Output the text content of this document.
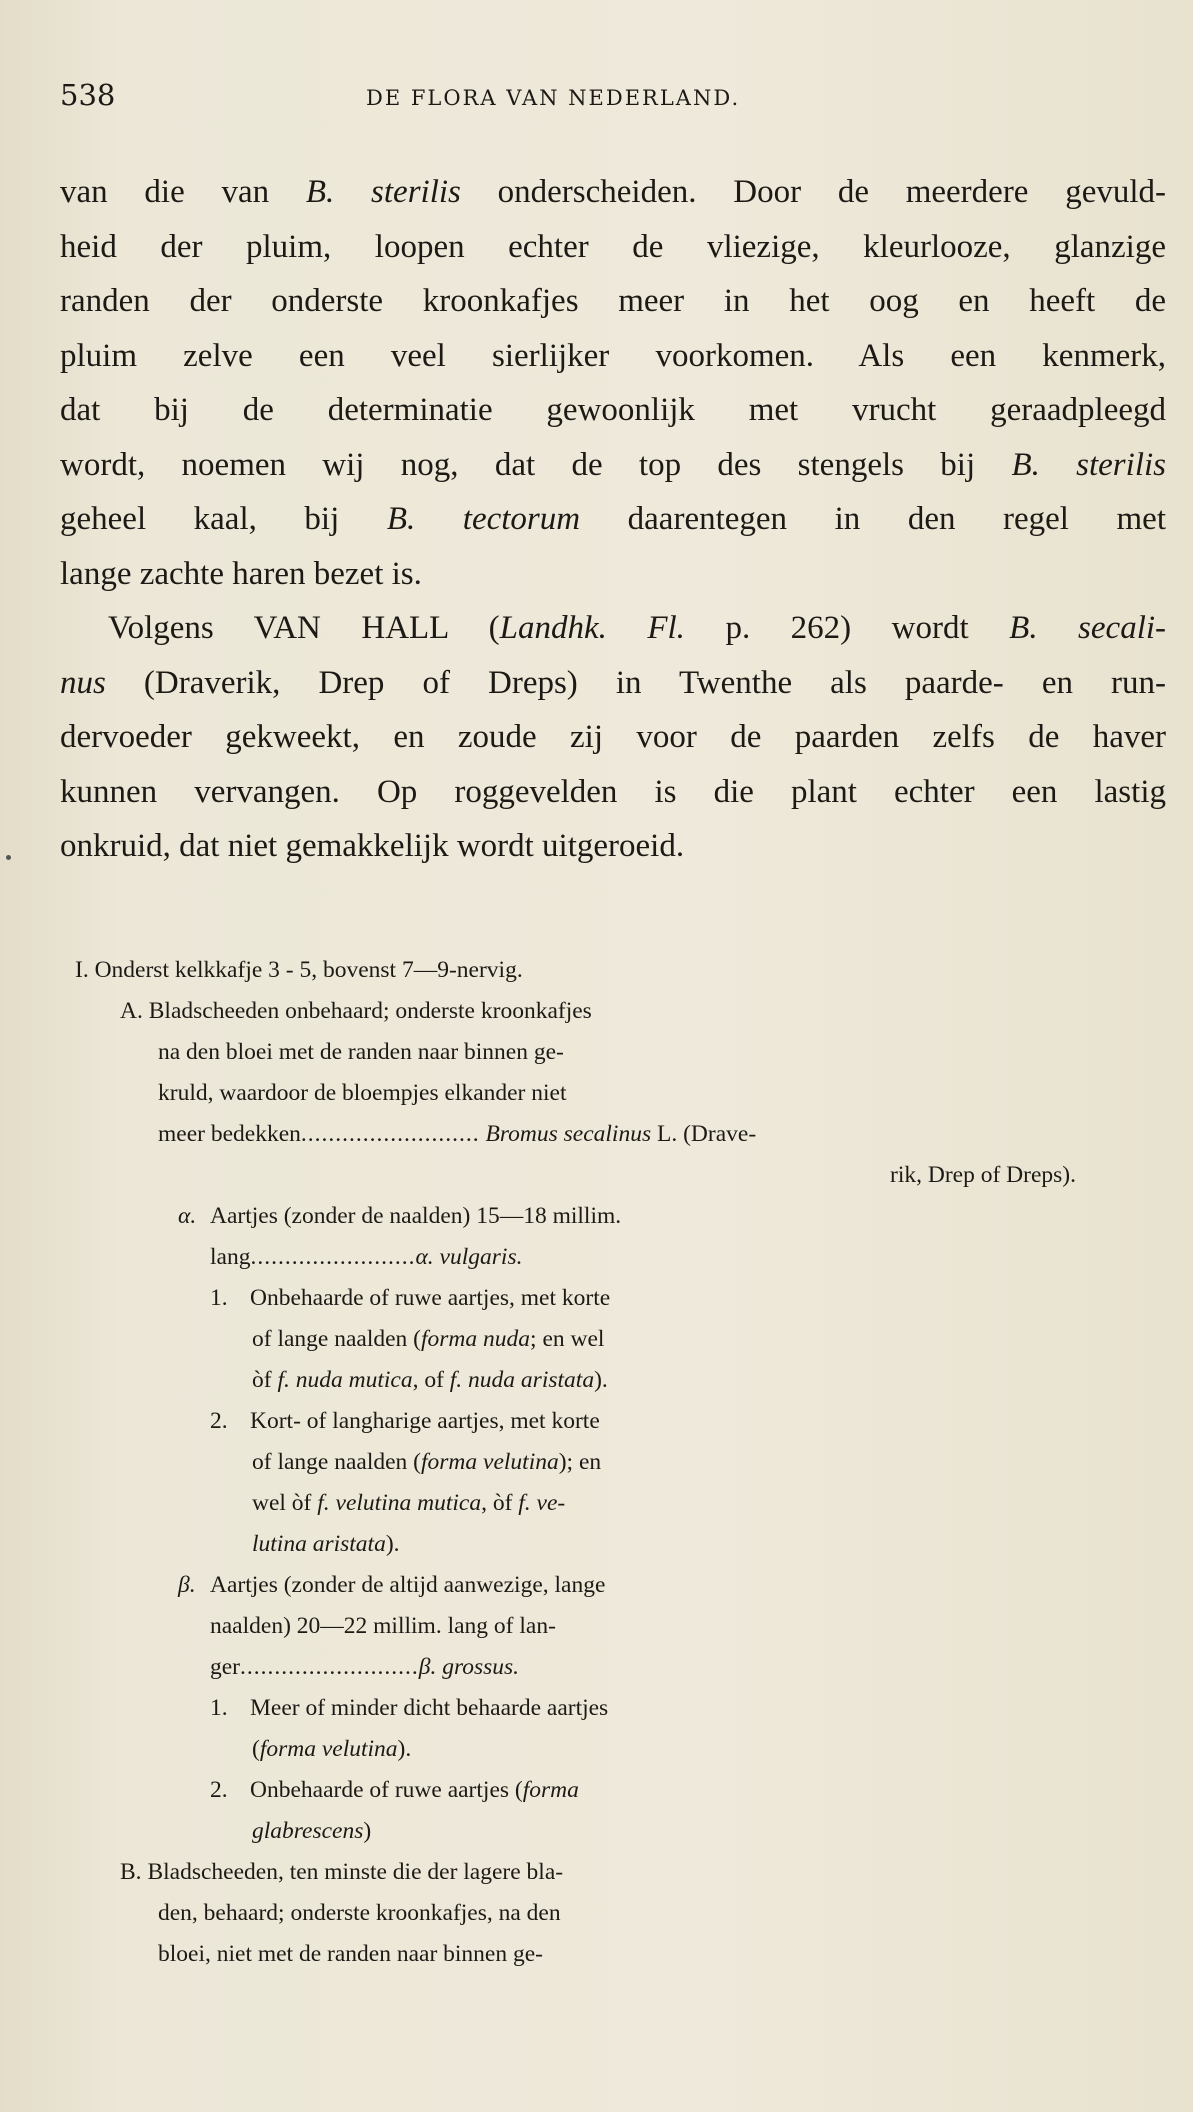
538	DE FLORA VAN NEDERLAND.
van die van B. sterilis onderscheiden. Door de meerdere gevuld-
heid der pluim, loopen echter de vliezige, kleurlooze, glanzige
randen der onderste kroonkafjes meer in het oog en heeft de
pluim zelve een veel sierlijker voorkomen. Als een kenmerk,
dat bij de determinatie gewoonlijk met vrucht geraadpleegd
wordt, noemen wij nog, dat de top des stengels bij B. sterilis
geheel kaal, bij B. tectorum daarentegen in den regel met
lange zachte haren bezet is.
Volgens VAN HALL (Landhk. Fl. p. 262) wordt B. secali-
nus (Draverik, Drep of Dreps) in Twenthe als paarde- en run-
dervoeder gekweekt, en zoude zij voor de paarden zelfs de haver
kunnen vervangen. Op roggevelden is die plant echter een lastig
onkruid, dat niet gemakkelijk wordt uitgeroeid.
I. Onderst kelkkafje 3 - 5, bovenst 7—9-nervig.
A. Bladscheeden onbehaard; onderste kroonkafjes
na den bloei met de randen naar binnen ge-
kruld, waardoor de bloempjes elkander niet
meer bedekken.......................... Bromus secalinus L. (Drave-
rik, Drep of Dreps).
α. Aartjes (zonder de naalden) 15—18 millim.
lang........................α. vulgaris.
1. Onbehaarde of ruwe aartjes, met korte
of lange naalden (forma nuda; en wel
òf f. nuda mutica, of f. nuda aristata).
2. Kort- of langharige aartjes, met korte
of lange naalden (forma velutina); en
wel òf f. velutina mutica, òf f. ve-
lutina aristata).
β. Aartjes (zonder de altijd aanwezige, lange
naalden) 20—22 millim. lang of lan-
ger..........................β. grossus.
1. Meer of minder dicht behaarde aartjes
(forma velutina).
2. Onbehaarde of ruwe aartjes (forma
glabrescens)
B. Bladscheeden, ten minste die der lagere bla-
den, behaard; onderste kroonkafjes, na den
bloei, niet met de randen naar binnen ge-
